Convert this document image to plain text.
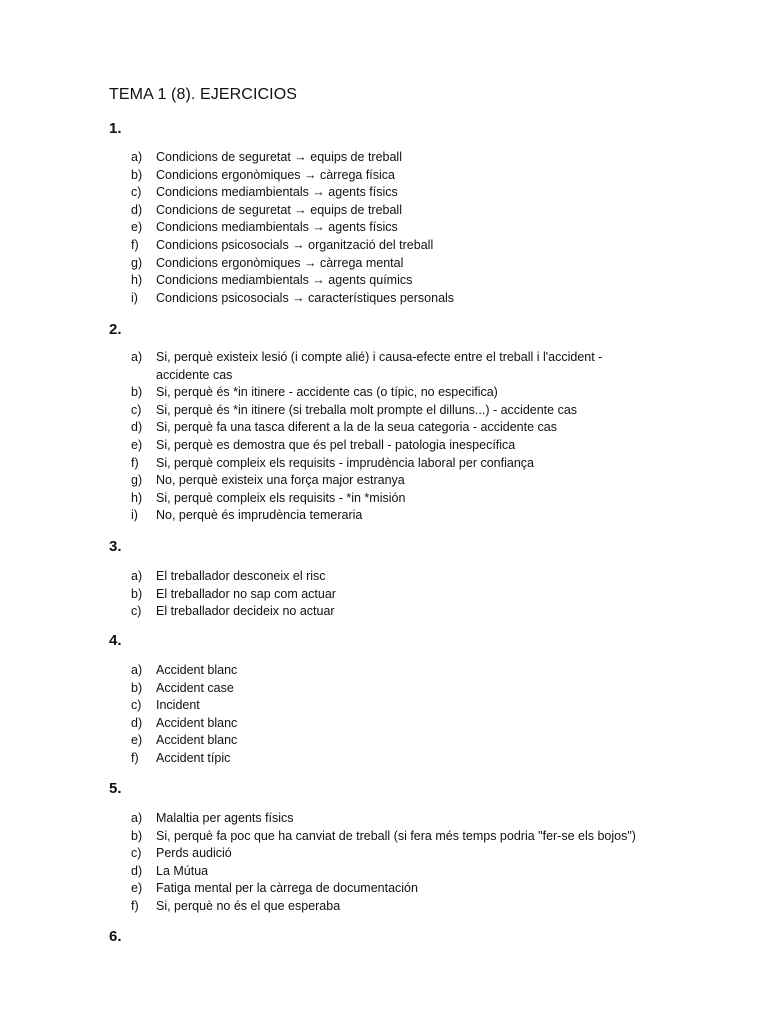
TEMA 1 (8). EJERCICIOS
1.
a)	Condicions de seguretat → equips de treball
b)	Condicions ergonòmiques → càrrega física
c)	Condicions mediambientals → agents físics
d)	Condicions de seguretat → equips de treball
e)	Condicions mediambientals → agents físics
f)	Condicions psicosocials → organització del treball
g)	Condicions ergonòmiques → càrrega mental
h)	Condicions mediambientals → agents químics
i)	Condicions psicosocials → característiques personals
2.
a)	Si, perquè existeix lesió (i compte alié) i causa-efecte entre el treball i l'accident - accidente cas
b)	Si, perquè és *in itinere - accidente cas (o típic, no especifica)
c)	Si, perquè és *in itinere (si treballa molt prompte el dilluns...) - accidente cas
d)	Si, perquè fa una tasca diferent a la de la seua categoria - accidente cas
e)	Si, perquè es demostra que és pel treball - patologia inespecífica
f)	Si, perquè compleix els requisits - imprudència laboral per confiança
g)	No, perquè existeix una força major estranya
h)	Si, perquè compleix els requisits - *in *misión
i)	No, perquè és imprudència temeraria
3.
a)	El treballador desconeix el risc
b)	El treballador no sap com actuar
c)	El treballador decideix no actuar
4.
a)	Accident blanc
b)	Accident case
c)	Incident
d)	Accident blanc
e)	Accident blanc
f)	Accident típic
5.
a)	Malaltia per agents físics
b)	Si, perquè fa poc que ha canviat de treball (si fera més temps podria "fer-se els bojos")
c)	Perds audició
d)	La Mútua
e)	Fatiga mental per la càrrega de documentación
f)	Si, perquè no és el que esperaba
6.
